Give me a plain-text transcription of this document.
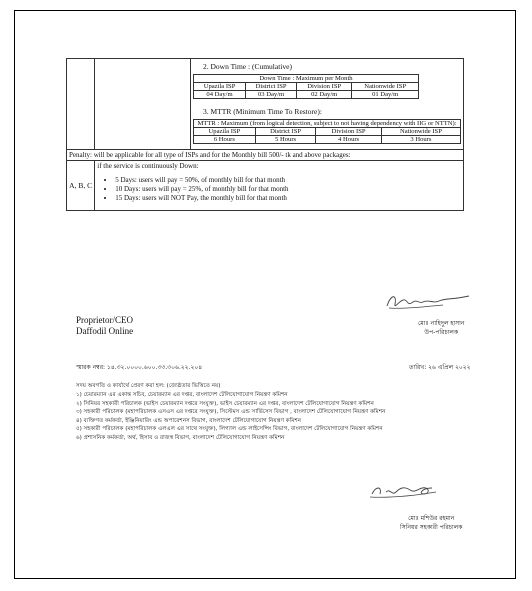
2. Down Time : (Cumulative)
Down Time : Maximum per Month
Upazila ISP	District ISP	Division ISP	Nationwide ISP
04 Day/m	03 Day/m	02 Day/m	01 Day/m
3. MTTR (Minimum Time To Restore):
MTTR : Maximum (from logical detection, subject to not having dependency with IIG or NTTN):
Upazila ISP	District ISP	Division ISP	Nationwide ISP
6 Hours	5 Hours	4 Hours	3 Hours

Penalty: will be applicable for all type of ISPs and for the Monthly bill 500/- tk and above packages:
A, B, C	
if the service is continuously Down:
• 5 Days: users will pay = 50%, of monthly bill for that month
• 10 Days: users will pay = 25%, of monthly bill for that month
• 15 Days: users will NOT Pay, the monthly bill for that month
Proprietor/CEO
Daffodil Online
মোঃ নাহিদুল হাসান
উপ-পরিচালক
স্মারক নম্বর: ১৪.৩২.০০০০.৬০০.৩৩.৩০৬.২২.২০৪	তারিখ: ২৬ এপ্রিল ২০২২
সদয় অবগতি ও কার্যার্থে প্রেরণ করা হল: (জ্যেষ্ঠতার ভিত্তিতে নয়)
১) চেয়ারম্যান এর একান্ত সচিব, চেয়ারম্যান এর দপ্তর, বাংলাদেশ টেলিযোগাযোগ নিয়ন্ত্রণ কমিশন
২) সিনিয়র সহকারী পরিচালক (ভাইস চেয়ারম্যান দপ্তরে সংযুক্ত), ভাইস চেয়ারম্যান এর দপ্তর, বাংলাদেশ টেলিযোগাযোগ নিয়ন্ত্রণ কমিশন
৩) সহকারী পরিচালক (মহাপরিচালক এসএস এর দপ্তরে সংযুক্ত), সিস্টেমস এন্ড সার্ভিসেস বিভাগ , বাংলাদেশ টেলিযোগাযোগ নিয়ন্ত্রণ কমিশন
৪) ব্যক্তিগত কর্মকর্তা, ইঞ্জিনিয়ারিং এন্ড অপারেশনস বিভাগ, বাংলাদেশ টেলিযোগাযোগ নিয়ন্ত্রণ কমিশন
৫) সহকারী পরিচালক (মহাপরিচালক এলএল এর সাথে সংযুক্ত), লিগ্যাল এন্ড লাইসেন্সিং বিভাগ, বাংলাদেশ টেলিযোগাযোগ নিয়ন্ত্রণ কমিশন
৬) প্রশাসনিক কর্মকর্তা, অর্থ, হিসাব ও রাজস্ব বিভাগ, বাংলাদেশ টেলিযোগাযোগ নিয়ন্ত্রণ কমিশন
মোঃ মশিউর রহমান
সিনিয়র সহকারী পরিচালক
